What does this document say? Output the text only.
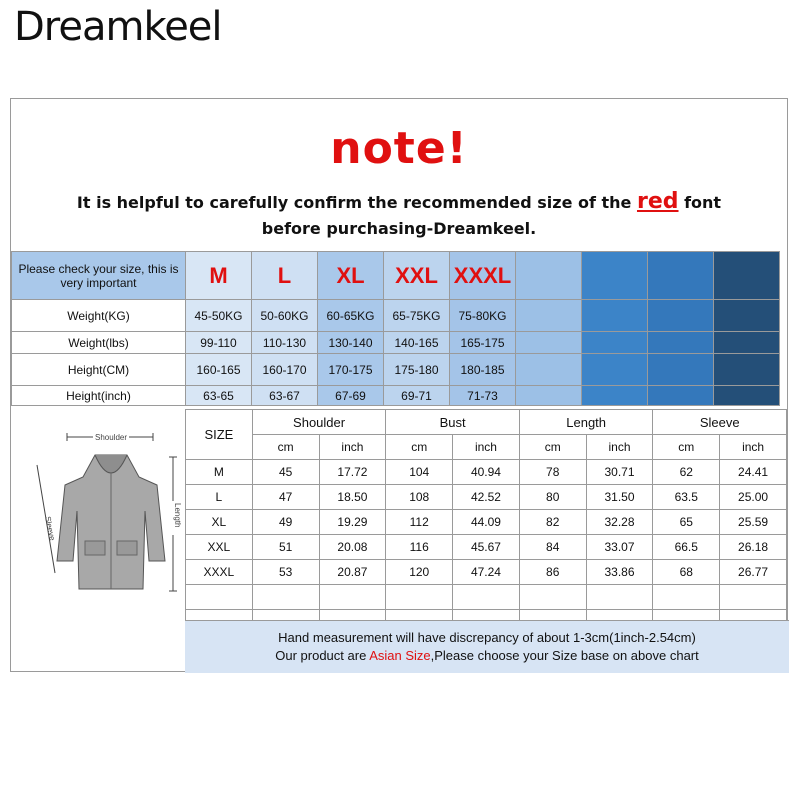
Dreamkeel
note!
It is helpful to carefully confirm the recommended size of the red font before purchasing-Dreamkeel.
Please check your size, this is very important	M	L	XL	XXL	XXXL				
Weight(KG)	45-50KG	50-60KG	60-65KG	65-75KG	75-80KG				
Weight(lbs)	99-110	110-130	130-140	140-165	165-175				
Height(CM)	160-165	160-170	170-175	175-180	180-185				
Height(inch)	63-65	63-67	67-69	69-71	71-73				
Shoulder
Sleeve
Length
SIZE	Shoulder		Bust		Length		Sleeve	
	cm	inch	cm	inch	cm	inch	cm	inch
M	45	17.72	104	40.94	78	30.71	62	24.41
L	47	18.50	108	42.52	80	31.50	63.5	25.00
XL	49	19.29	112	44.09	82	32.28	65	25.59
XXL	51	20.08	116	45.67	84	33.07	66.5	26.18
XXXL	53	20.87	120	47.24	86	33.86	68	26.77

Hand measurement will have discrepancy of about 1-3cm(1inch-2.54cm)
Our product are Asian Size,Please choose your Size base on above chart
